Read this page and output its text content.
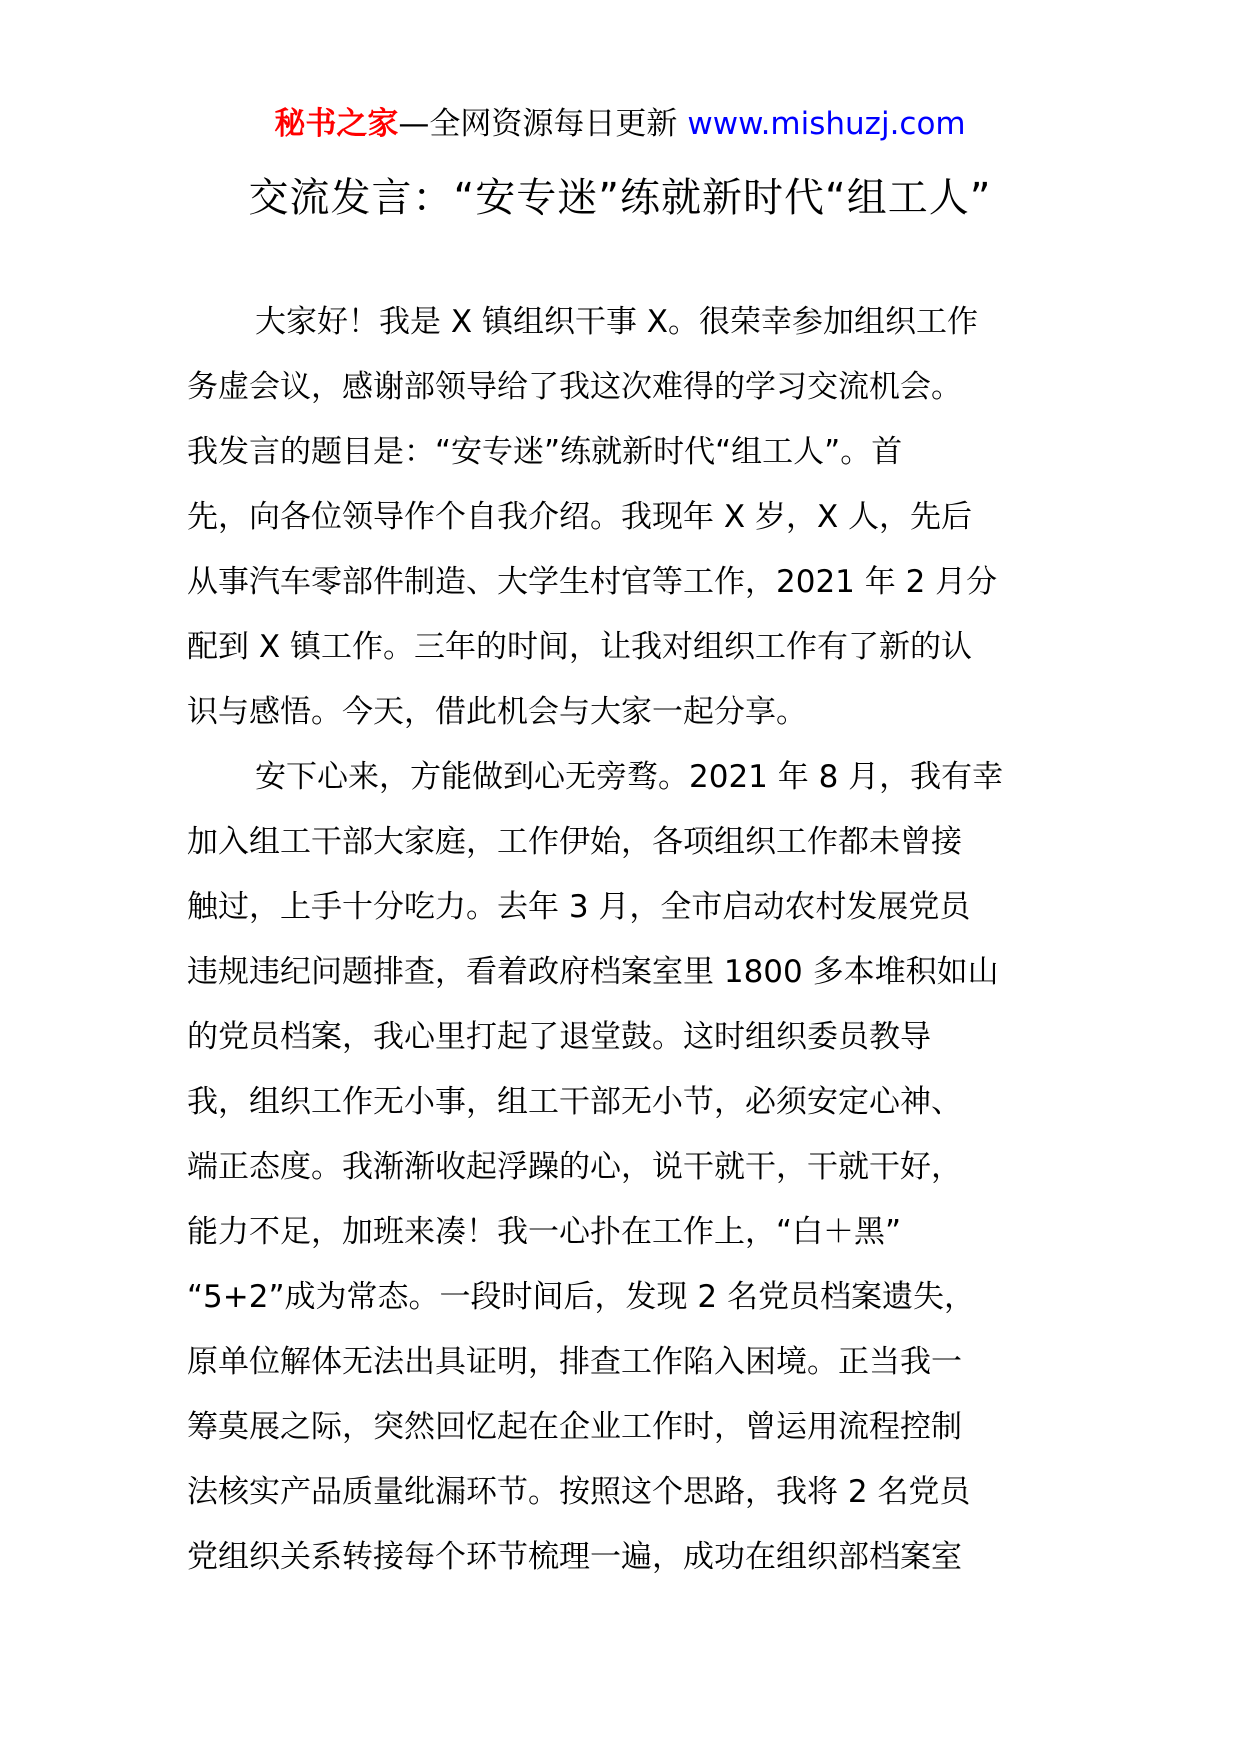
秘书之家—全网资源每日更新 www.mishuzj.com
交流发言：“安专迷”练就新时代“组工人”
大家好！我是 X 镇组织干事 X。很荣幸参加组织工作
务虚会议，感谢部领导给了我这次难得的学习交流机会。
我发言的题目是：“安专迷”练就新时代“组工人”。首
先，向各位领导作个自我介绍。我现年 X 岁，X 人，先后
从事汽车零部件制造、大学生村官等工作，2021 年 2 月分
配到 X 镇工作。三年的时间，让我对组织工作有了新的认
识与感悟。今天，借此机会与大家一起分享。
安下心来，方能做到心无旁骛。2021 年 8 月，我有幸
加入组工干部大家庭，工作伊始，各项组织工作都未曾接
触过，上手十分吃力。去年 3 月，全市启动农村发展党员
违规违纪问题排查，看着政府档案室里 1800 多本堆积如山
的党员档案，我心里打起了退堂鼓。这时组织委员教导
我，组织工作无小事，组工干部无小节，必须安定心神、
端正态度。我渐渐收起浮躁的心，说干就干，干就干好，
能力不足，加班来凑！我一心扑在工作上，“白＋黑”
“5+2”成为常态。一段时间后，发现 2 名党员档案遗失，
原单位解体无法出具证明，排查工作陷入困境。正当我一
筹莫展之际，突然回忆起在企业工作时，曾运用流程控制
法核实产品质量纰漏环节。按照这个思路，我将 2 名党员
党组织关系转接每个环节梳理一遍，成功在组织部档案室
